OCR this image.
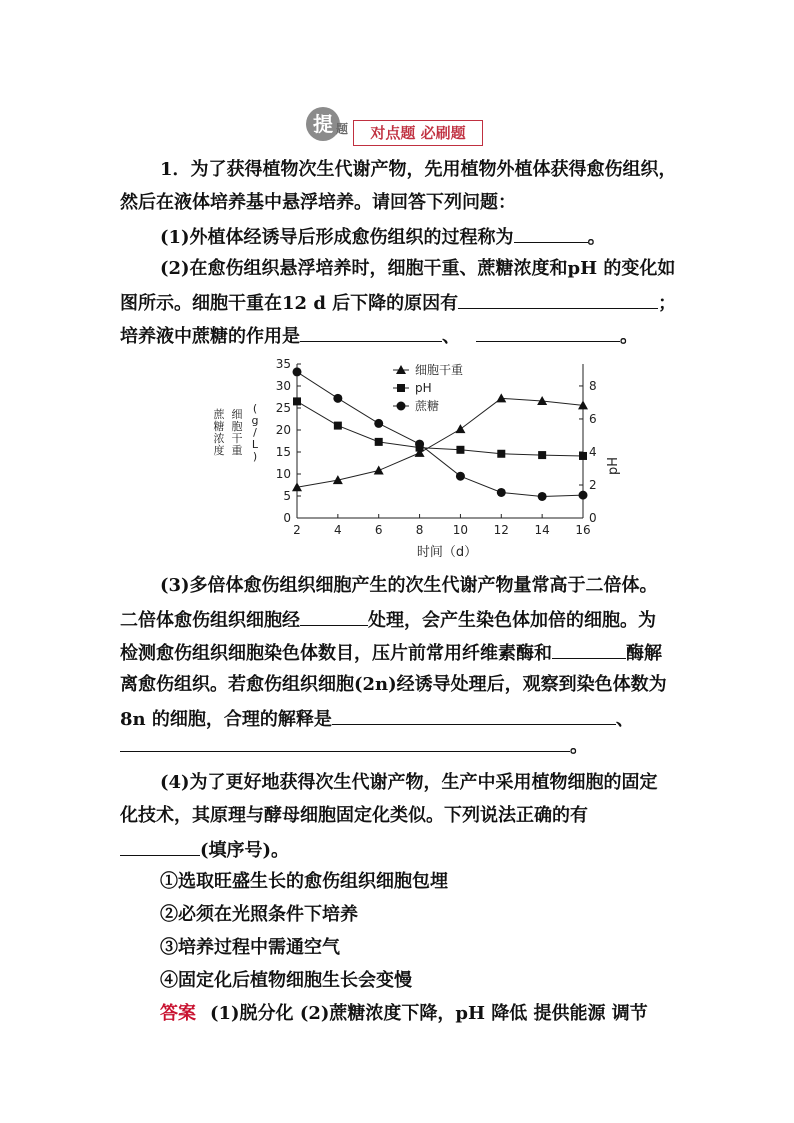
提 题	对点题 必刷题
1．为了获得植物次生代谢产物，先用植物外植体获得愈伤组织，
然后在液体培养基中悬浮培养。请回答下列问题：
(1)外植体经诱导后形成愈伤组织的过程称为	。
(2)在愈伤组织悬浮培养时，细胞干重、蔗糖浓度和pH 的变化如
图所示。细胞干重在12 d 后下降的原因有	；
培养液中蔗糖的作用是	、	。
2	4	6	8 10 12 14 16
0
5
10
15
20
25
30
35
0
2
4
6
8
细胞干重
pH
蔗糖
pH
时间（d）
蔗
糖
浓
度
细
胞
干
重
(
g
/
L
)
(3)多倍体愈伤组织细胞产生的次生代谢产物量常高于二倍体。
二倍体愈伤组织细胞经	处理，会产生染色体加倍的细胞。为
检测愈伤组织细胞染色体数目，压片前常用纤维素酶和	酶解
离愈伤组织。若愈伤组织细胞(2n)经诱导处理后，观察到染色体数为
8n 的细胞，合理的解释是	、
。
(4)为了更好地获得次生代谢产物，生产中采用植物细胞的固定
化技术，其原理与酵母细胞固定化类似。下列说法正确的有
(填序号)。
①选取旺盛生长的愈伤组织细胞包埋
②必须在光照条件下培养
③培养过程中需通空气
④固定化后植物细胞生长会变慢
答案 (1)脱分化 (2)蔗糖浓度下降，pH 降低 提供能源 调节
